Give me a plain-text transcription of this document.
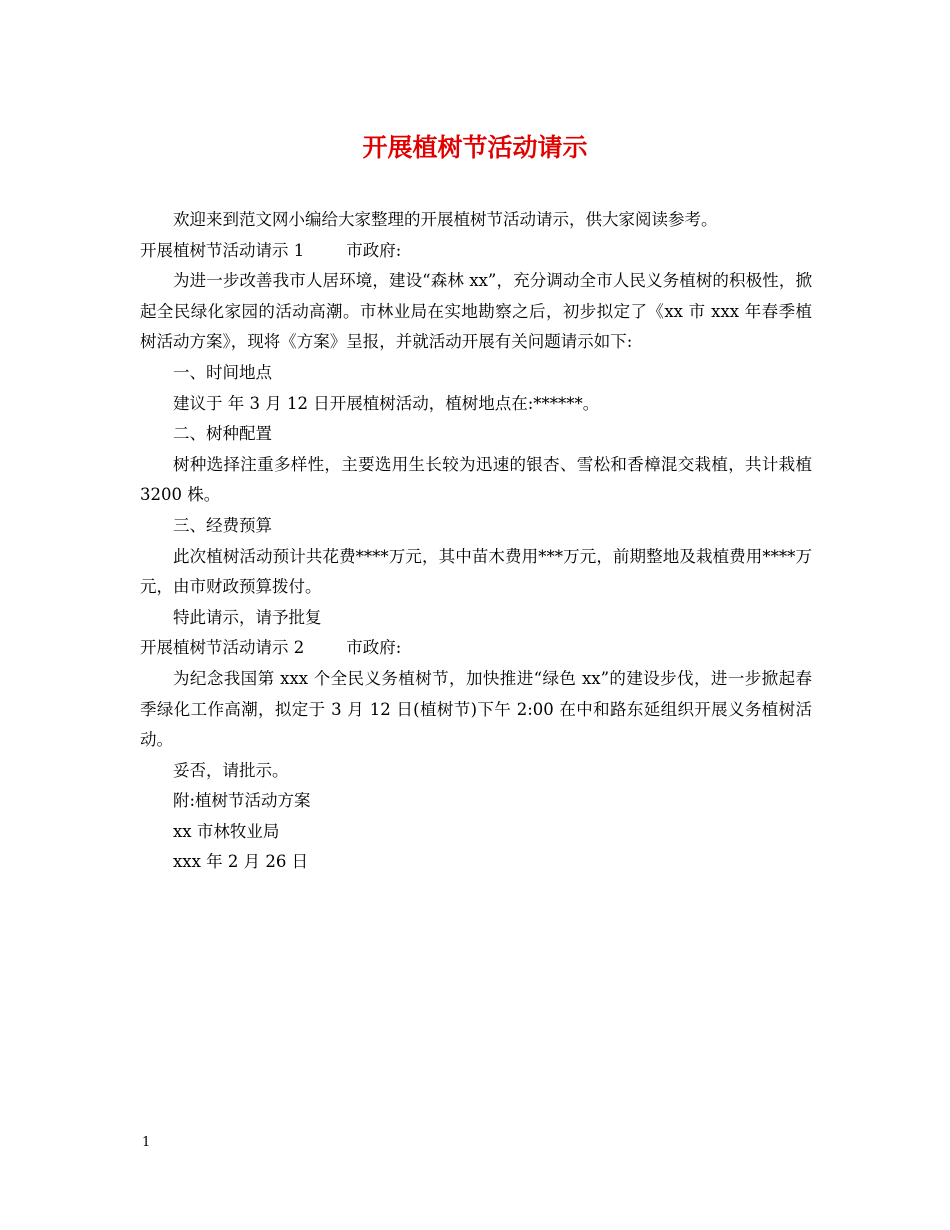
开展植树节活动请示

欢迎来到范文网小编给大家整理的开展植树节活动请示，供大家阅读参考。

开展植树节活动请示 1	市政府:

为进一步改善我市人居环境，建设“森林 xx”，充分调动全市人民义务植树的积极性，掀起全民绿化家园的活动高潮。市林业局在实地勘察之后，初步拟定了《xx 市 xxx 年春季植树活动方案》，现将《方案》呈报，并就活动开展有关问题请示如下:

一、时间地点

建议于 年 3 月 12 日开展植树活动，植树地点在:******。

二、树种配置

树种选择注重多样性，主要选用生长较为迅速的银杏、雪松和香樟混交栽植，共计栽植 3200 株。

三、经费预算

此次植树活动预计共花费****万元，其中苗木费用***万元，前期整地及栽植费用****万元，由市财政预算拨付。

特此请示，请予批复

开展植树节活动请示 2	市政府:

为纪念我国第 xxx 个全民义务植树节，加快推进“绿色 xx”的建设步伐，进一步掀起春季绿化工作高潮，拟定于 3 月 12 日(植树节)下午 2:00 在中和路东延组织开展义务植树活动。

妥否，请批示。

附:植树节活动方案

xx 市林牧业局

xxx 年 2 月 26 日

1
